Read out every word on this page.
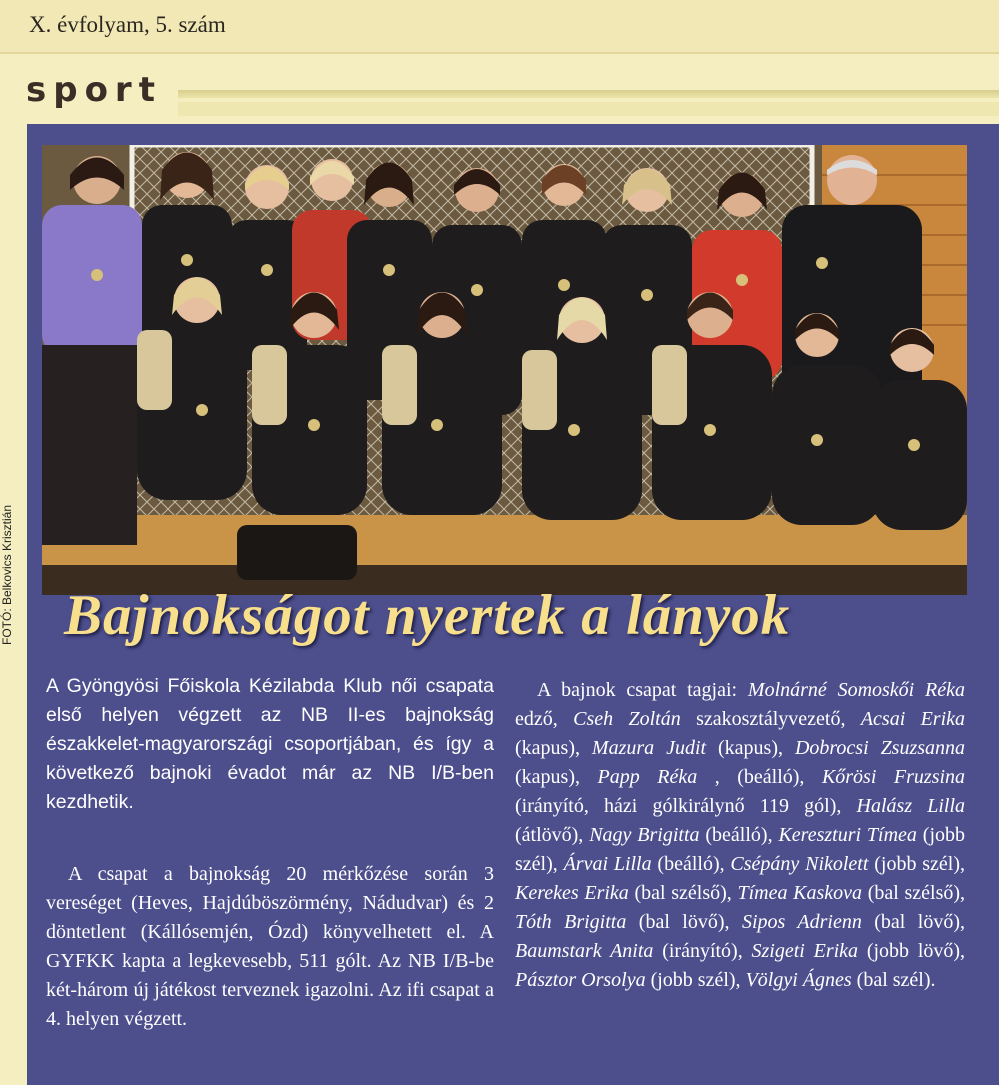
X. évfolyam, 5. szám
sport
FOTÓ: Belkovics Krisztián Bajnokságot nyertek a lányok

A Gyöngyösi Főiskola Kézilabda Klub női csapata első helyen végzett az NB II-es bajnokság északkelet-magyarországi csoportjában, és így a következő bajnoki évadot már az NB I/B-ben kezdhetik.

A csapat a bajnokság 20 mérkőzése során 3 vereséget (Heves, Hajdúböszörmény, Nádudvar) és 2 döntetlent (Kállósemjén, Ózd) könyvelhetett el. A GYFKK kapta a legkevesebb, 511 gólt. Az NB I/B-be két-három új játékost terveznek igazolni. Az ifi csapat a 4. helyen végzett.

A bajnok csapat tagjai: Molnárné Somoskői Réka edző, Cseh Zoltán szakosztályvezető, Acsai Erika (kapus), Mazura Judit (kapus), Dobrocsi Zsuzsanna (kapus), Papp Réka , (beálló), Kőrösi Fruzsina (irányító, házi gólkirálynő 119 gól), Halász Lilla (átlövő), Nagy Brigitta (beálló), Kereszturi Tímea (jobb szél), Árvai Lilla (beálló), Csépány Nikolett (jobb szél), Kerekes Erika (bal szélső), Tímea Kaskova (bal szélső), Tóth Brigitta (bal lövő), Sipos Adrienn (bal lövő), Baumstark Anita (irányító), Szigeti Erika (jobb lövő), Pásztor Orsolya (jobb szél), Völgyi Ágnes (bal szél).
